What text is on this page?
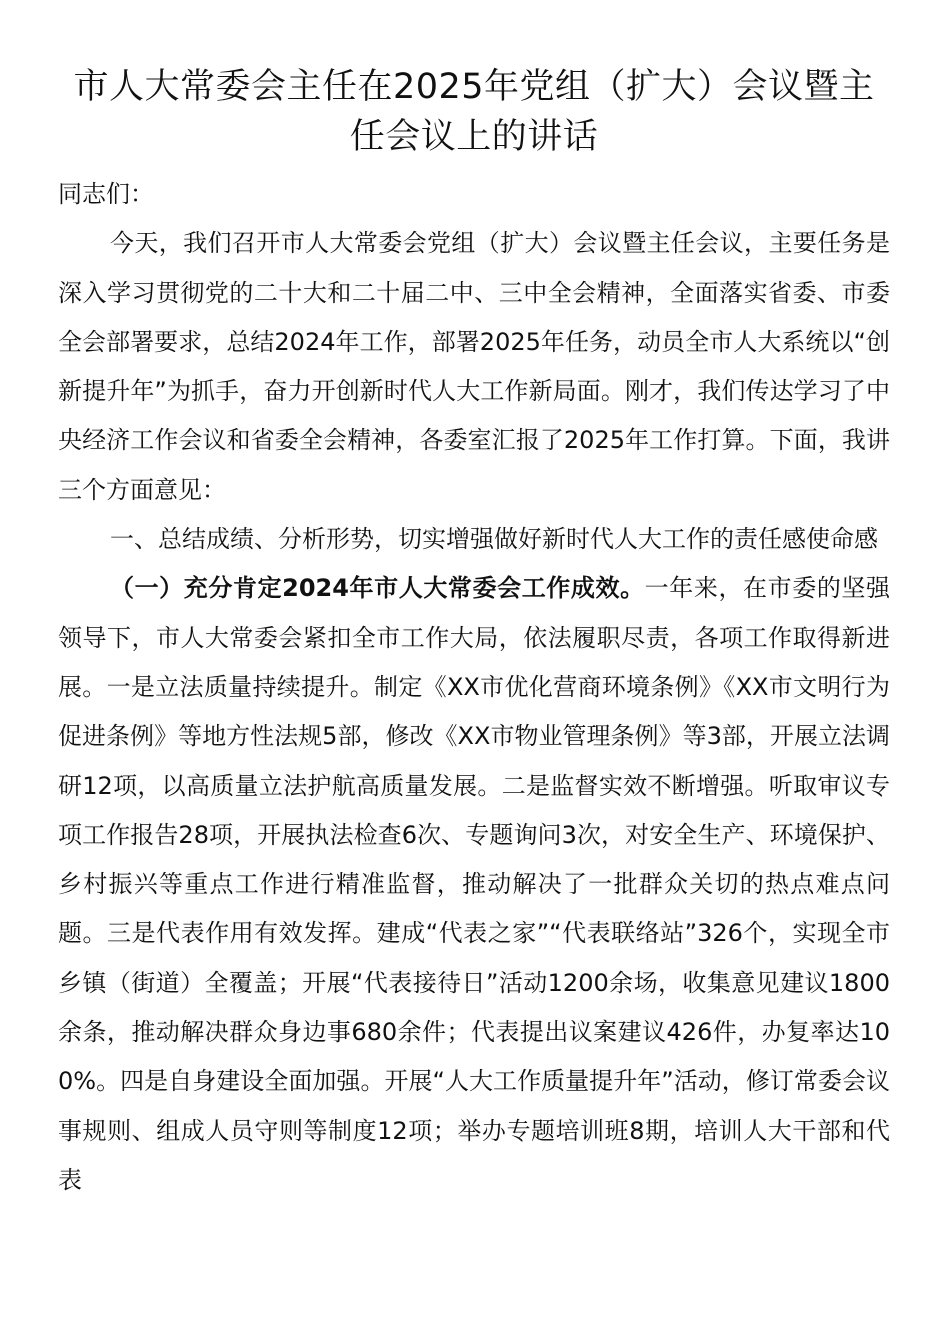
市人大常委会主任在2025年党组（扩大）会议暨主任会议上的讲话

同志们：

今天，我们召开市人大常委会党组（扩大）会议暨主任会议，主要任务是深入学习贯彻党的二十大和二十届二中、三中全会精神，全面落实省委、市委全会部署要求，总结2024年工作，部署2025年任务，动员全市人大系统以“创新提升年”为抓手，奋力开创新时代人大工作新局面。刚才，我们传达学习了中央经济工作会议和省委全会精神，各委室汇报了2025年工作打算。下面，我讲三个方面意见：

一、总结成绩、分析形势，切实增强做好新时代人大工作的责任感使命感

（一）充分肯定2024年市人大常委会工作成效。一年来，在市委的坚强领导下，市人大常委会紧扣全市工作大局，依法履职尽责，各项工作取得新进展。一是立法质量持续提升。制定《XX市优化营商环境条例》《XX市文明行为促进条例》等地方性法规5部，修改《XX市物业管理条例》等3部，开展立法调研12项，以高质量立法护航高质量发展。二是监督实效不断增强。听取审议专项工作报告28项，开展执法检查6次、专题询问3次，对安全生产、环境保护、乡村振兴等重点工作进行精准监督，推动解决了一批群众关切的热点难点问题。三是代表作用有效发挥。建成“代表之家”“代表联络站”326个，实现全市乡镇（街道）全覆盖；开展“代表接待日”活动1200余场，收集意见建议1800余条，推动解决群众身边事680余件；代表提出议案建议426件，办复率达100%。四是自身建设全面加强。开展“人大工作质量提升年”活动，修订常委会议事规则、组成人员守则等制度12项；举办专题培训班8期，培训人大干部和代表
